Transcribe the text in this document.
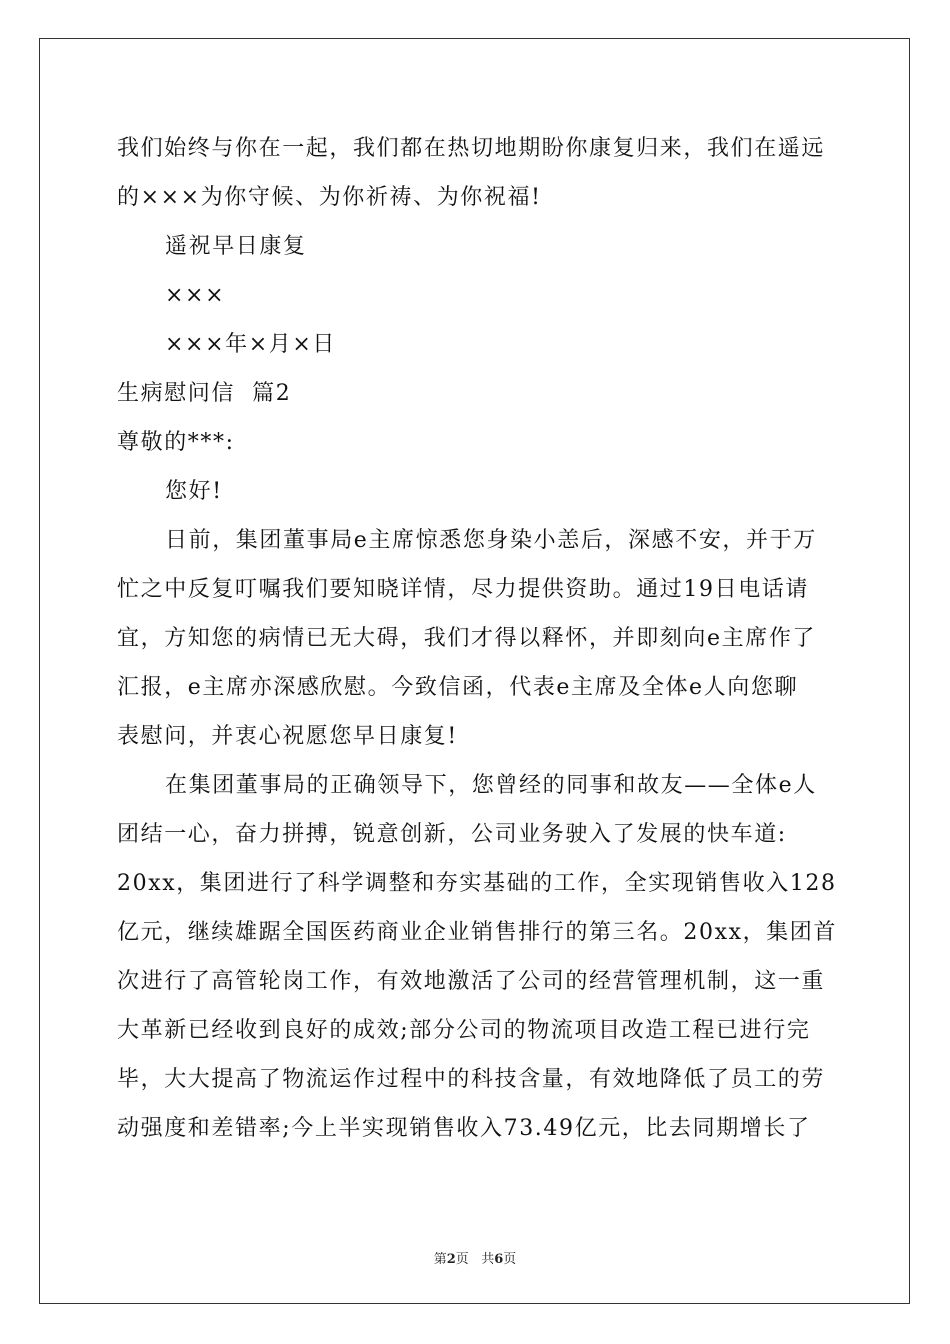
我们始终与你在一起，我们都在热切地期盼你康复归来，我们在遥远
的×××为你守候、为你祈祷、为你祝福!
遥祝早日康复
×××
×××年×月×日
生病慰问信  篇2
尊敬的***:
您好!
日前，集团董事局e主席惊悉您身染小恙后，深感不安，并于万
忙之中反复叮嘱我们要知晓详情，尽力提供资助。通过19日电话请
宜，方知您的病情已无大碍，我们才得以释怀，并即刻向e主席作了
汇报，e主席亦深感欣慰。今致信函，代表e主席及全体e人向您聊
表慰问，并衷心祝愿您早日康复!
在集团董事局的正确领导下，您曾经的同事和故友——全体e人
团结一心，奋力拼搏，锐意创新，公司业务驶入了发展的快车道:
20xx，集团进行了科学调整和夯实基础的工作，全实现销售收入128
亿元，继续雄踞全国医药商业企业销售排行的第三名。20xx，集团首
次进行了高管轮岗工作，有效地激活了公司的经营管理机制，这一重
大革新已经收到良好的成效;部分公司的物流项目改造工程已进行完
毕，大大提高了物流运作过程中的科技含量，有效地降低了员工的劳
动强度和差错率;今上半实现销售收入73.49亿元，比去同期增长了
第2页   共6页
